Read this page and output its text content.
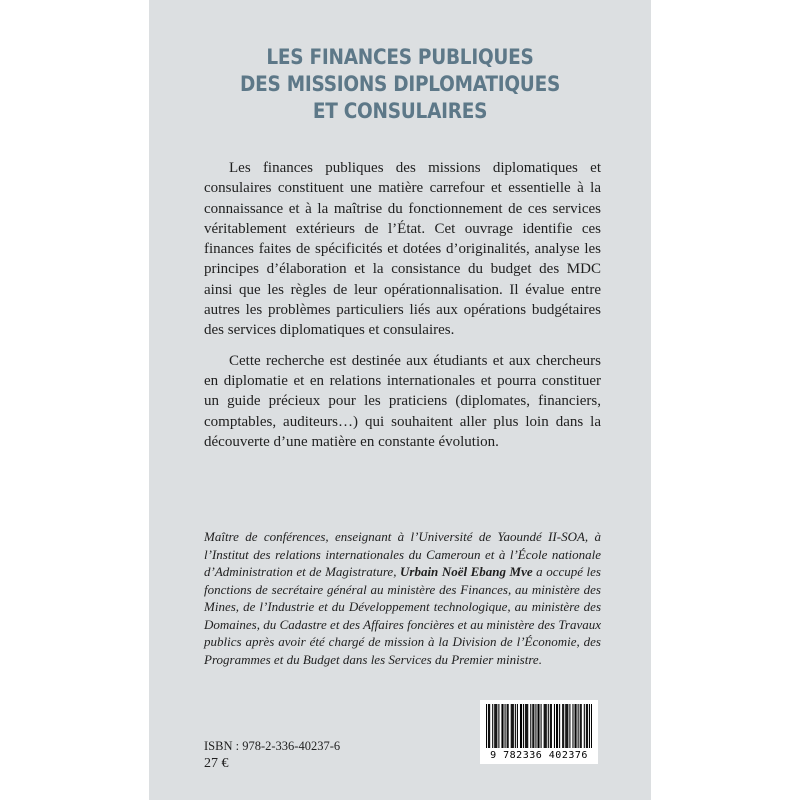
LES FINANCES PUBLIQUES
DES MISSIONS DIPLOMATIQUES
ET CONSULAIRES

Les finances publiques des missions diplomatiques et consulaires constituent une matière carrefour et essentielle à la connaissance et à la maîtrise du fonctionnement de ces services véritablement extérieurs de l’État. Cet ouvrage identifie ces finances faites de spécificités et dotées d’originalités, analyse les principes d’élaboration et la consistance du budget des MDC ainsi que les règles de leur opérationnalisation. Il évalue entre autres les problèmes particuliers liés aux opérations budgétaires des services diplomatiques et consulaires.

Cette recherche est destinée aux étudiants et aux chercheurs en diplomatie et en relations internationales et pourra constituer un guide précieux pour les praticiens (diplomates, financiers, comptables, auditeurs…) qui souhaitent aller plus loin dans la découverte d’une matière en constante évolution.

Maître de conférences, enseignant à l’Université de Yaoundé II-SOA, à l’Institut des relations internationales du Cameroun et à l’École nationale d’Administration et de Magistrature, Urbain Noël Ebang Mve a occupé les fonctions de secrétaire général au ministère des Finances, au ministère des Mines, de l’Industrie et du Développement technologique, au ministère des Domaines, du Cadastre et des Affaires foncières et au ministère des Travaux publics après avoir été chargé de mission à la Division de l’Économie, des Programmes et du Budget dans les Services du Premier ministre.
ISBN : 978-2-336-40237-6
27 €
9 782336 402376
